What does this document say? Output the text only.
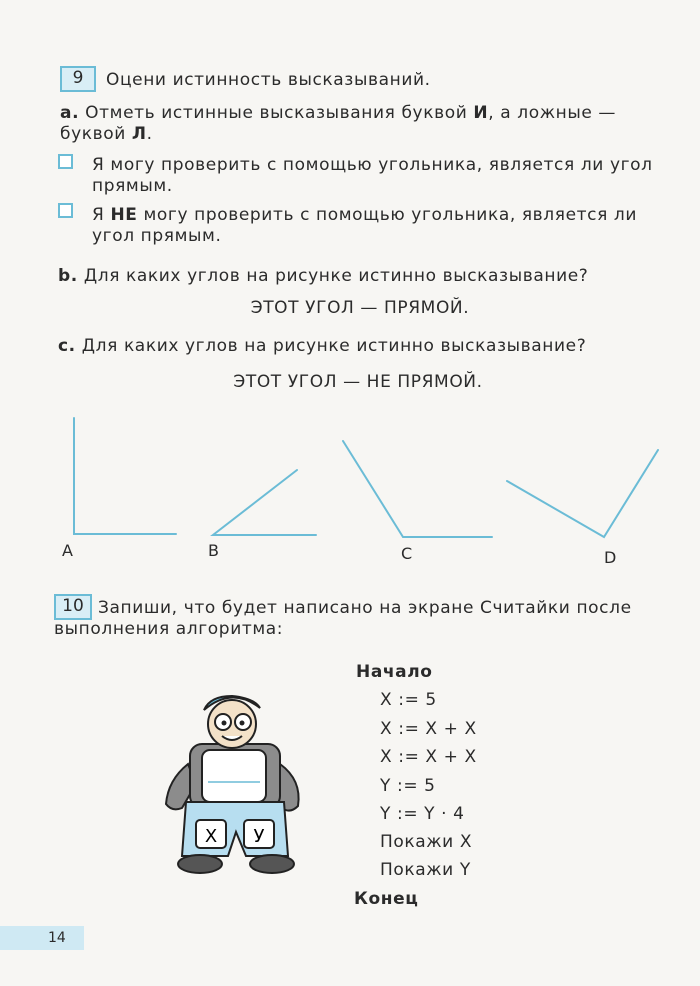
9	Оцени истинность высказываний.
a. Отметь истинные высказывания буквой И, а ложные —
буквой Л.
Я могу проверить с помощью угольника, является ли угол
прямым.
Я НЕ могу проверить с помощью угольника, является ли
угол прямым.
b. Для каких углов на рисунке истинно высказывание?
ЭТОТ УГОЛ — ПРЯМОЙ.
c. Для каких углов на рисунке истинно высказывание?
ЭТОТ УГОЛ — НЕ ПРЯМОЙ.
A	B	C	D
10 Запиши, что будет написано на экране Считайки после
выполнения алгоритма:
X У
Начало
X := 5
X := X + X
X := X + X
Y := 5
Y := Y · 4
Покажи X
Покажи Y
Конец
14
